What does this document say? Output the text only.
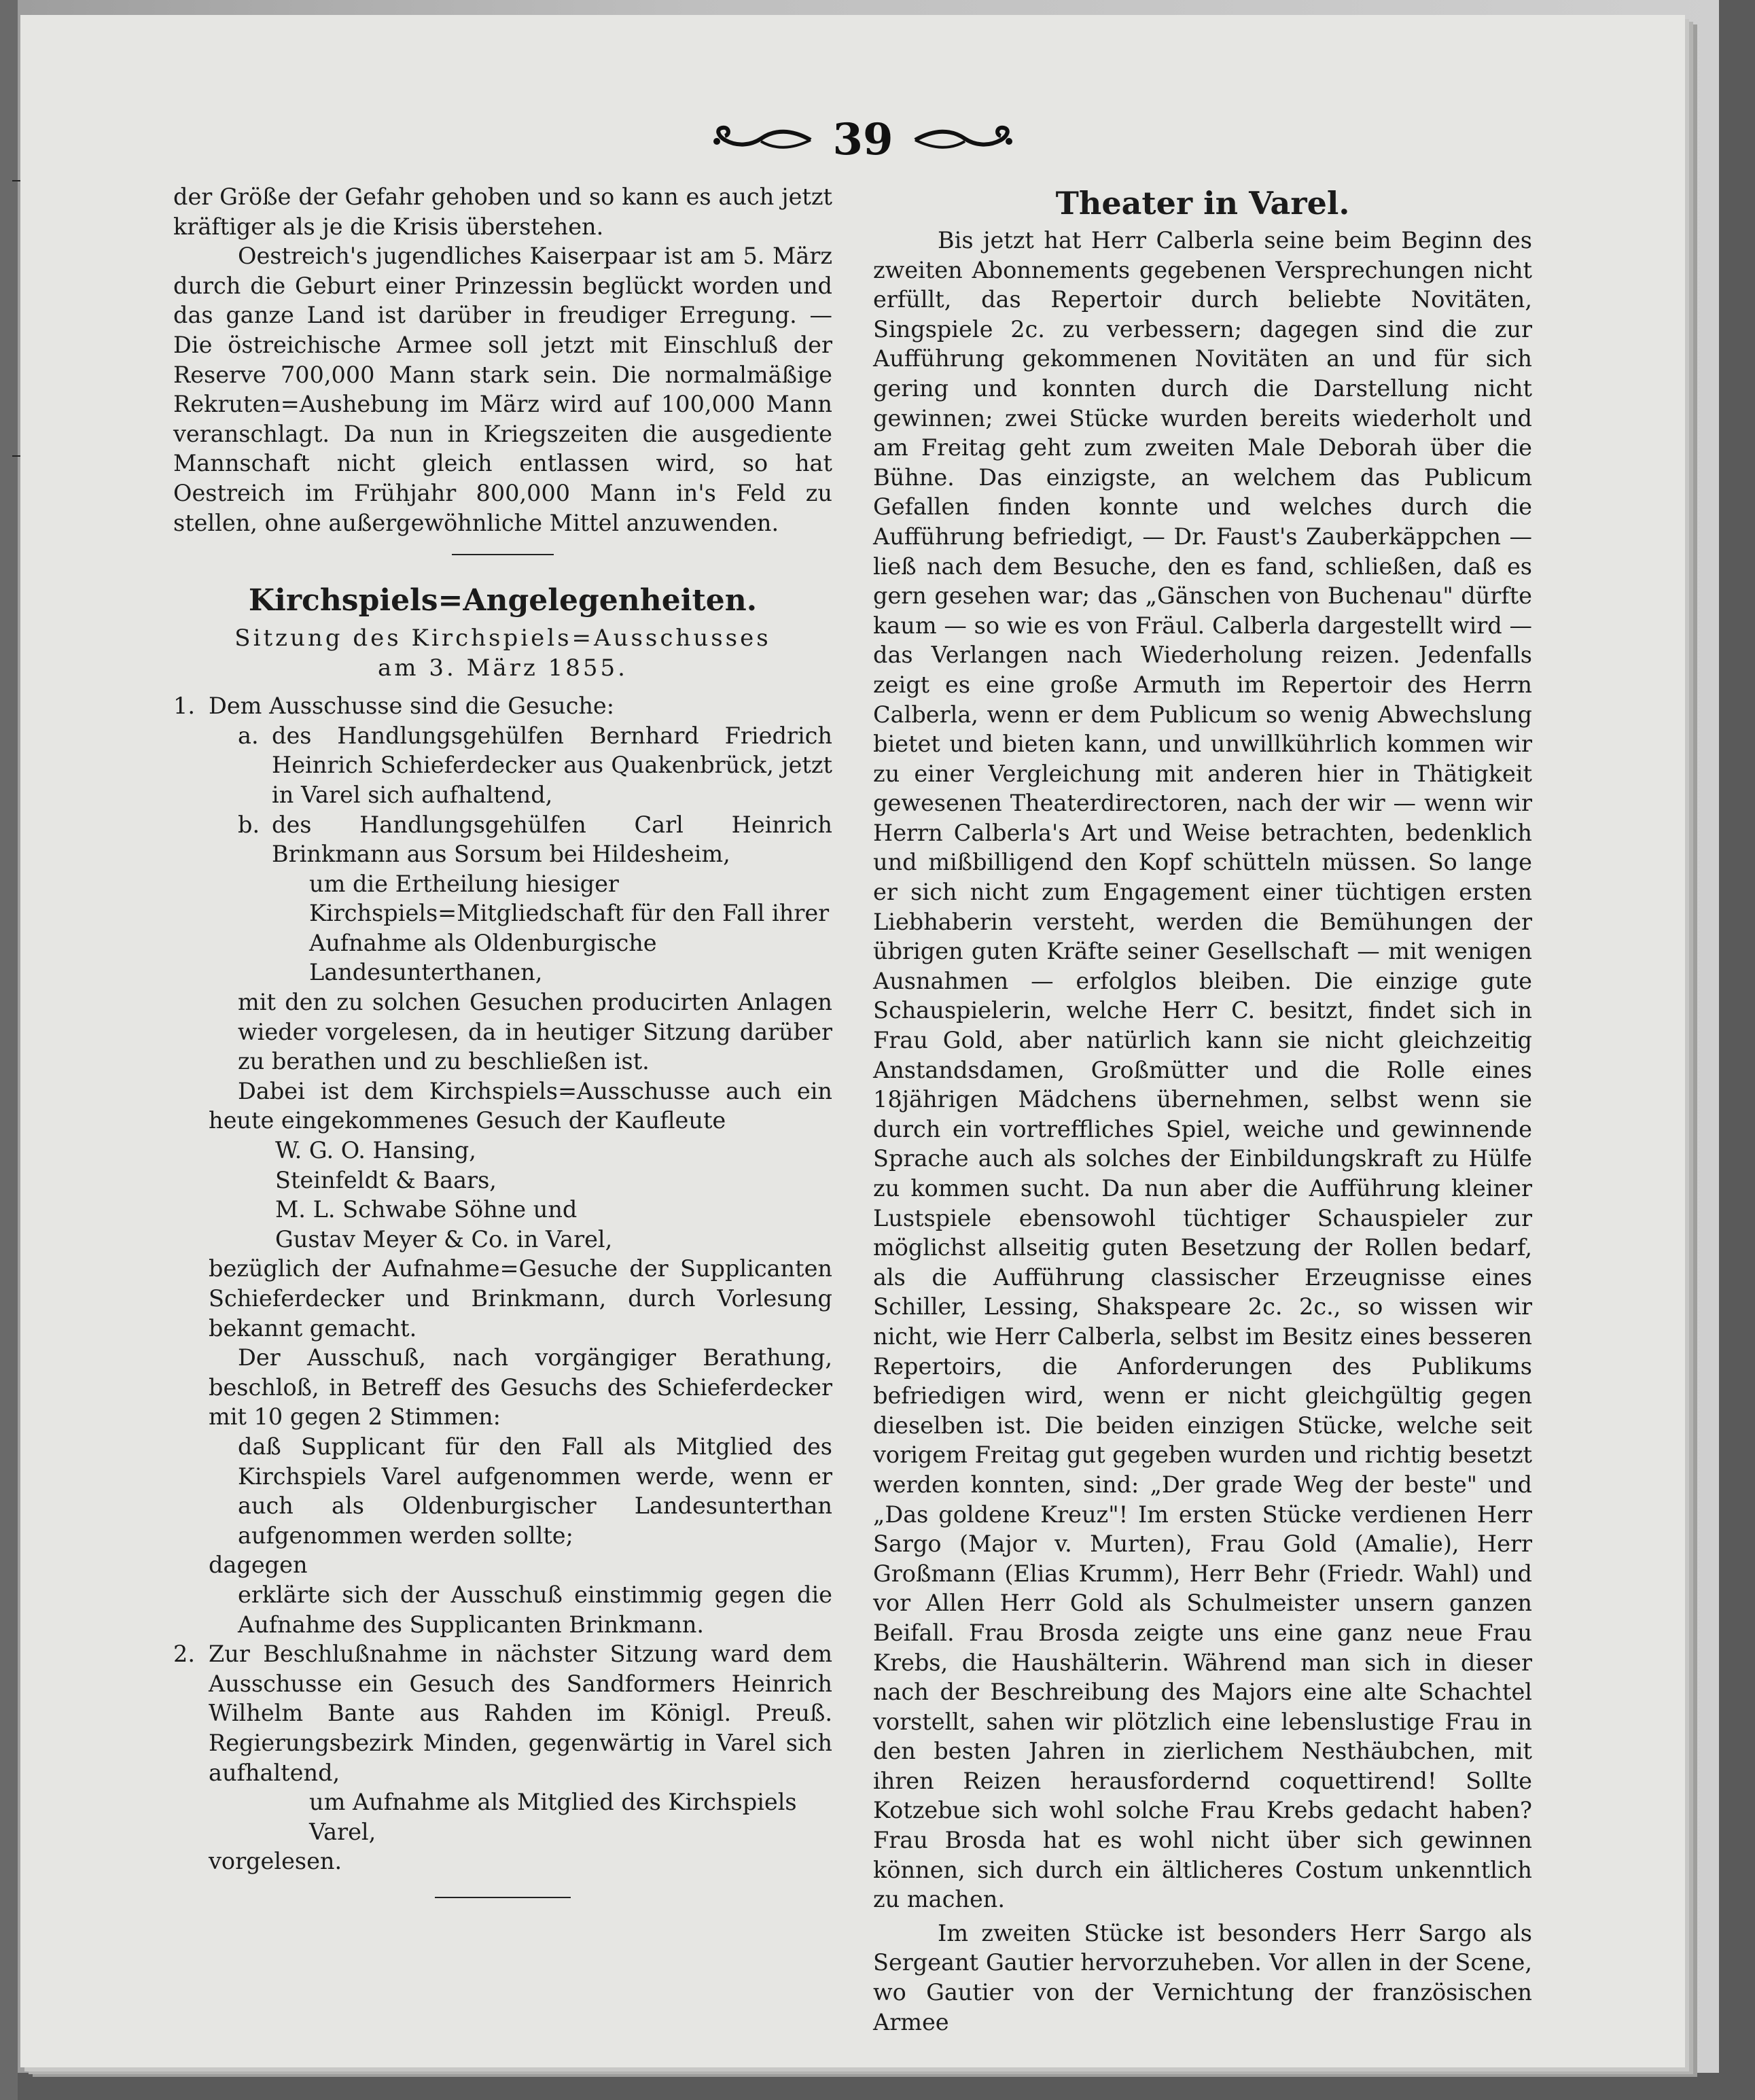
39

der Größe der Gefahr gehoben und so kann es auch jetzt kräftiger als je die Krisis überstehen.

Oestreich's jugendliches Kaiserpaar ist am 5. März durch die Geburt einer Prinzessin beglückt worden und das ganze Land ist darüber in freudiger Erregung. — Die östreichische Armee soll jetzt mit Einschluß der Reserve 700,000 Mann stark sein. Die normalmäßige Rekruten=Aushebung im März wird auf 100,000 Mann veranschlagt. Da nun in Kriegszeiten die ausgediente Mannschaft nicht gleich entlassen wird, so hat Oestreich im Frühjahr 800,000 Mann in's Feld zu stellen, ohne außergewöhnliche Mittel anzuwenden.

Kirchspiels=Angelegenheiten.
Sitzung des Kirchspiels=Ausschusses
am 3. März 1855.
1. Dem Ausschusse sind die Gesuche:
a. des Handlungsgehülfen Bernhard Friedrich Heinrich Schieferdecker aus Quakenbrück, jetzt in Varel sich aufhaltend,
b. des Handlungsgehülfen Carl Heinrich Brinkmann aus Sorsum bei Hildesheim,

um die Ertheilung hiesiger Kirchspiels=Mitgliedschaft für den Fall ihrer Aufnahme als Oldenburgische Landesunterthanen,

mit den zu solchen Gesuchen producirten Anlagen wieder vorgelesen, da in heutiger Sitzung darüber zu berathen und zu beschließen ist.

Dabei ist dem Kirchspiels=Ausschusse auch ein heute eingekommenes Gesuch der Kaufleute

W. G. O. Hansing,

Steinfeldt & Baars,

M. L. Schwabe Söhne und

Gustav Meyer & Co. in Varel,

bezüglich der Aufnahme=Gesuche der Supplicanten Schieferdecker und Brinkmann, durch Vorlesung bekannt gemacht.

Der Ausschuß, nach vorgängiger Berathung, beschloß, in Betreff des Gesuchs des Schieferdecker mit 10 gegen 2 Stimmen:

daß Supplicant für den Fall als Mitglied des Kirchspiels Varel aufgenommen werde, wenn er auch als Oldenburgischer Landesunterthan aufgenommen werden sollte;

dagegen

erklärte sich der Ausschuß einstimmig gegen die Aufnahme des Supplicanten Brinkmann.

2. Zur Beschlußnahme in nächster Sitzung ward dem Ausschusse ein Gesuch des Sandformers Heinrich Wilhelm Bante aus Rahden im Königl. Preuß. Regierungsbezirk Minden, gegenwärtig in Varel sich aufhaltend,

um Aufnahme als Mitglied des Kirchspiels Varel,

vorgelesen.

Theater in Varel.

Bis jetzt hat Herr Calberla seine beim Beginn des zweiten Abonnements gegebenen Versprechungen nicht erfüllt, das Repertoir durch beliebte Novitäten, Singspiele 2c. zu verbessern; dagegen sind die zur Aufführung gekommenen Novitäten an und für sich gering und konnten durch die Darstellung nicht gewinnen; zwei Stücke wurden bereits wiederholt und am Freitag geht zum zweiten Male Deborah über die Bühne. Das einzigste, an welchem das Publicum Gefallen finden konnte und welches durch die Aufführung befriedigt, — Dr. Faust's Zauberkäppchen — ließ nach dem Besuche, den es fand, schließen, daß es gern gesehen war; das „Gänschen von Buchenau" dürfte kaum — so wie es von Fräul. Calberla dargestellt wird — das Verlangen nach Wiederholung reizen. Jedenfalls zeigt es eine große Armuth im Repertoir des Herrn Calberla, wenn er dem Publicum so wenig Abwechslung bietet und bieten kann, und unwillkührlich kommen wir zu einer Vergleichung mit anderen hier in Thätigkeit gewesenen Theaterdirectoren, nach der wir — wenn wir Herrn Calberla's Art und Weise betrachten, bedenklich und mißbilligend den Kopf schütteln müssen. So lange er sich nicht zum Engagement einer tüchtigen ersten Liebhaberin versteht, werden die Bemühungen der übrigen guten Kräfte seiner Gesellschaft — mit wenigen Ausnahmen — erfolglos bleiben. Die einzige gute Schauspielerin, welche Herr C. besitzt, findet sich in Frau Gold, aber natürlich kann sie nicht gleichzeitig Anstandsdamen, Großmütter und die Rolle eines 18jährigen Mädchens übernehmen, selbst wenn sie durch ein vortreffliches Spiel, weiche und gewinnende Sprache auch als solches der Einbildungskraft zu Hülfe zu kommen sucht. Da nun aber die Aufführung kleiner Lustspiele ebensowohl tüchtiger Schauspieler zur möglichst allseitig guten Besetzung der Rollen bedarf, als die Aufführung classischer Erzeugnisse eines Schiller, Lessing, Shakspeare 2c. 2c., so wissen wir nicht, wie Herr Calberla, selbst im Besitz eines besseren Repertoirs, die Anforderungen des Publikums befriedigen wird, wenn er nicht gleichgültig gegen dieselben ist. Die beiden einzigen Stücke, welche seit vorigem Freitag gut gegeben wurden und richtig besetzt werden konnten, sind: „Der grade Weg der beste" und „Das goldene Kreuz"! Im ersten Stücke verdienen Herr Sargo (Major v. Murten), Frau Gold (Amalie), Herr Großmann (Elias Krumm), Herr Behr (Friedr. Wahl) und vor Allen Herr Gold als Schulmeister unsern ganzen Beifall. Frau Brosda zeigte uns eine ganz neue Frau Krebs, die Haushälterin. Während man sich in dieser nach der Beschreibung des Majors eine alte Schachtel vorstellt, sahen wir plötzlich eine lebenslustige Frau in den besten Jahren in zierlichem Nesthäubchen, mit ihren Reizen herausfordernd coquettirend! Sollte Kotzebue sich wohl solche Frau Krebs gedacht haben? Frau Brosda hat es wohl nicht über sich gewinnen können, sich durch ein ältlicheres Costum unkenntlich zu machen.

Im zweiten Stücke ist besonders Herr Sargo als Sergeant Gautier hervorzuheben. Vor allen in der Scene, wo Gautier von der Vernichtung der französischen Armee
